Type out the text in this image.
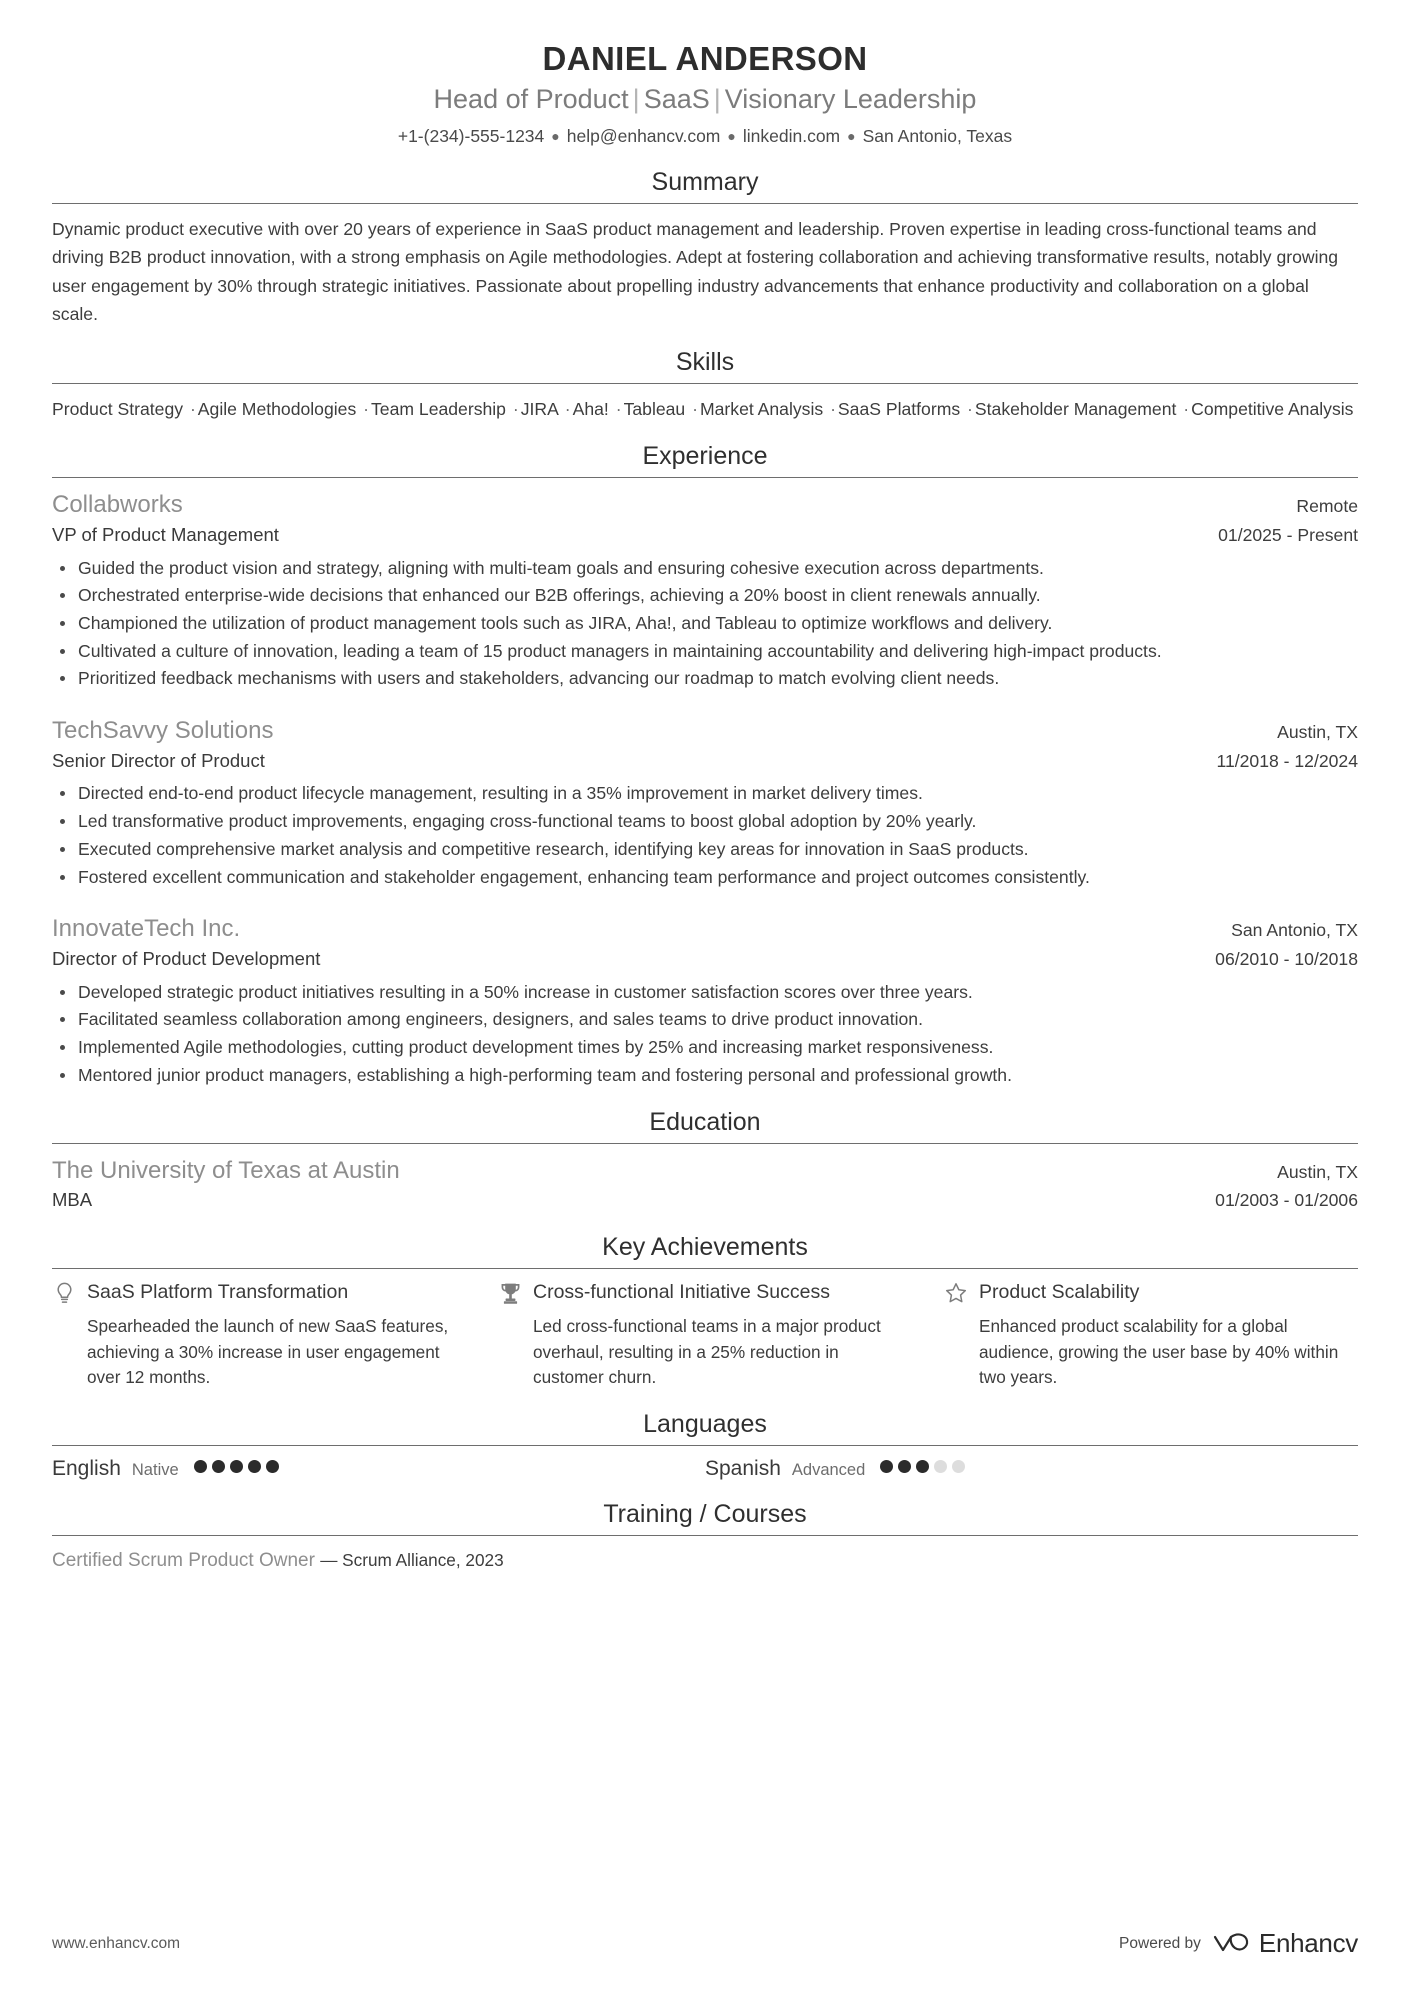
DANIEL ANDERSON
Head of Product | SaaS | Visionary Leadership
+1-(234)-555-1234 ● help@enhancv.com ● linkedin.com ● San Antonio, Texas
Summary
Dynamic product executive with over 20 years of experience in SaaS product management and leadership. Proven expertise in leading cross-functional teams and driving B2B product innovation, with a strong emphasis on Agile methodologies. Adept at fostering collaboration and achieving transformative results, notably growing user engagement by 30% through strategic initiatives. Passionate about propelling industry advancements that enhance productivity and collaboration on a global scale.
Skills
Product Strategy · Agile Methodologies · Team Leadership · JIRA · Aha! · Tableau · Market Analysis · SaaS Platforms · Stakeholder Management · Competitive Analysis
Experience
Collabworks	Remote
VP of Product Management	01/2025 - Present
Guided the product vision and strategy, aligning with multi-team goals and ensuring cohesive execution across departments.
Orchestrated enterprise-wide decisions that enhanced our B2B offerings, achieving a 20% boost in client renewals annually.
Championed the utilization of product management tools such as JIRA, Aha!, and Tableau to optimize workflows and delivery.
Cultivated a culture of innovation, leading a team of 15 product managers in maintaining accountability and delivering high-impact products.
Prioritized feedback mechanisms with users and stakeholders, advancing our roadmap to match evolving client needs.
TechSavvy Solutions	Austin, TX
Senior Director of Product	11/2018 - 12/2024
Directed end-to-end product lifecycle management, resulting in a 35% improvement in market delivery times.
Led transformative product improvements, engaging cross-functional teams to boost global adoption by 20% yearly.
Executed comprehensive market analysis and competitive research, identifying key areas for innovation in SaaS products.
Fostered excellent communication and stakeholder engagement, enhancing team performance and project outcomes consistently.
InnovateTech Inc.	San Antonio, TX
Director of Product Development	06/2010 - 10/2018
Developed strategic product initiatives resulting in a 50% increase in customer satisfaction scores over three years.
Facilitated seamless collaboration among engineers, designers, and sales teams to drive product innovation.
Implemented Agile methodologies, cutting product development times by 25% and increasing market responsiveness.
Mentored junior product managers, establishing a high-performing team and fostering personal and professional growth.
Education
The University of Texas at Austin	Austin, TX
MBA	01/2003 - 01/2006
Key Achievements
SaaS Platform Transformation
Spearheaded the launch of new SaaS features, achieving a 30% increase in user engagement over 12 months.
Cross-functional Initiative Success
Led cross-functional teams in a major product overhaul, resulting in a 25% reduction in customer churn.
Product Scalability
Enhanced product scalability for a global audience, growing the user base by 40% within two years.
Languages
English Native	Spanish Advanced
Training / Courses
Certified Scrum Product Owner — Scrum Alliance, 2023
www.enhancv.com	Powered by Enhancv
